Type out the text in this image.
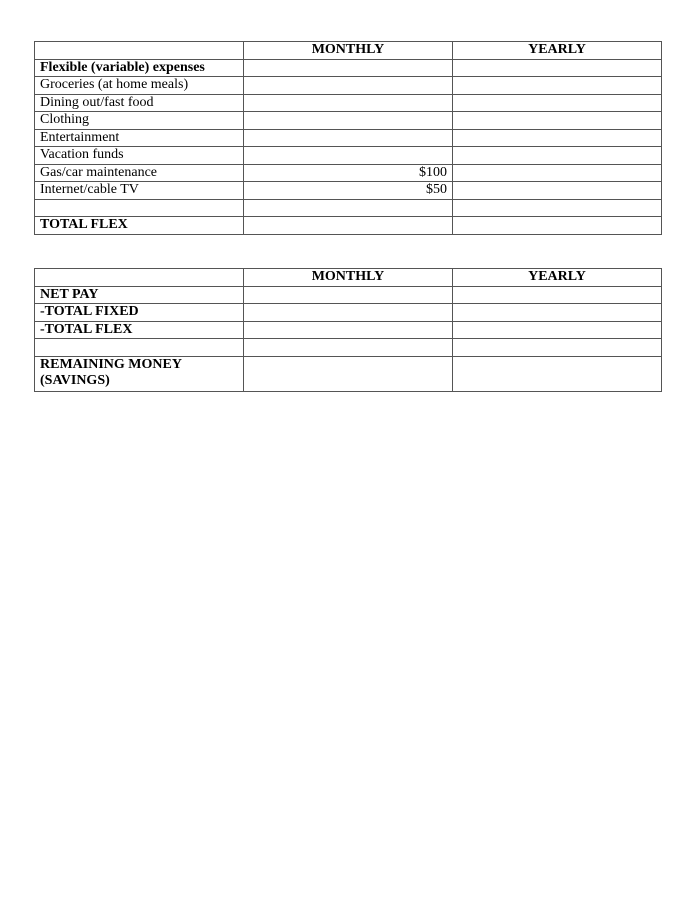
	MONTHLY	YEARLY
Flexible (variable) expenses		
Groceries (at home meals)		
Dining out/fast food		
Clothing		
Entertainment		
Vacation funds		
Gas/car maintenance	$100	
Internet/cable TV	$50	

TOTAL FLEX		
	MONTHLY	YEARLY
NET PAY		
-TOTAL FIXED		
-TOTAL FLEX		

REMAINING MONEY (SAVINGS)		
